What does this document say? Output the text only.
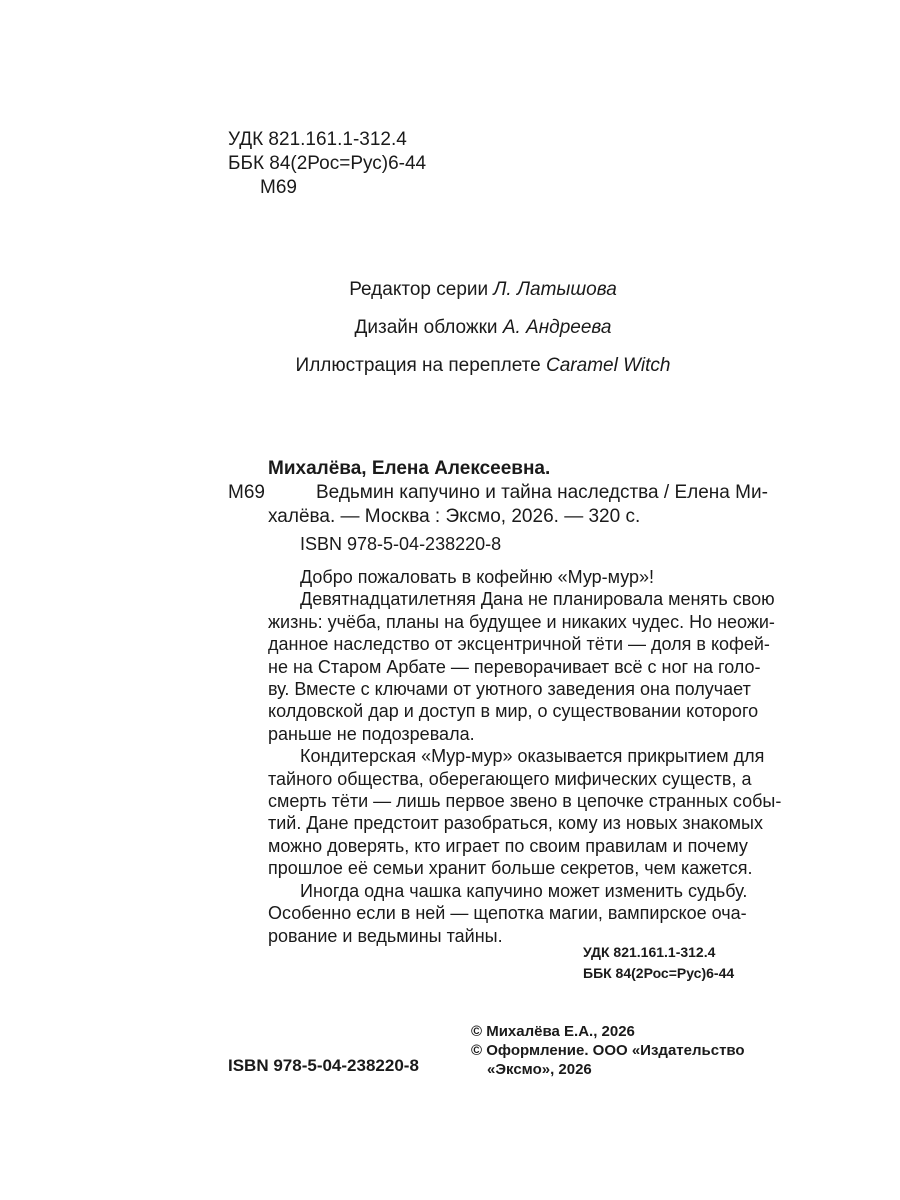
УДК 821.161.1-312.4
ББК 84(2Рос=Рус)6-44
М69
Редактор серии Л. Латышова
Дизайн обложки А. Андреева
Иллюстрация на переплете Caramel Witch
Михалёва, Елена Алексеевна.
М69	Ведьмин капучино и тайна наследства / Елена Ми-
халёва. — Москва : Эксмо, 2026. — 320 с.
ISBN 978-5-04-238220-8
Добро пожаловать в кофейню «Мур-мур»!
Девятнадцатилетняя Дана не планировала менять свою
жизнь: учёба, планы на будущее и никаких чудес. Но неожи-
данное наследство от эксцентричной тёти — доля в кофей-
не на Старом Арбате — переворачивает всё с ног на голо-
ву. Вместе с ключами от уютного заведения она получает
колдовской дар и доступ в мир, о существовании которого
раньше не подозревала.
Кондитерская «Мур-мур» оказывается прикрытием для
тайного общества, оберегающего мифических существ, а
смерть тёти — лишь первое звено в цепочке странных собы-
тий. Дане предстоит разобраться, кому из новых знакомых
можно доверять, кто играет по своим правилам и почему
прошлое её семьи хранит больше секретов, чем кажется.
Иногда одна чашка капучино может изменить судьбу.
Особенно если в ней — щепотка магии, вампирское оча-
рование и ведьмины тайны.
УДК 821.161.1-312.4
ББК 84(2Рос=Рус)6-44
© Михалёва Е.А., 2026
© Оформление. ООО «Издательство
«Эксмо», 2026
ISBN 978-5-04-238220-8
